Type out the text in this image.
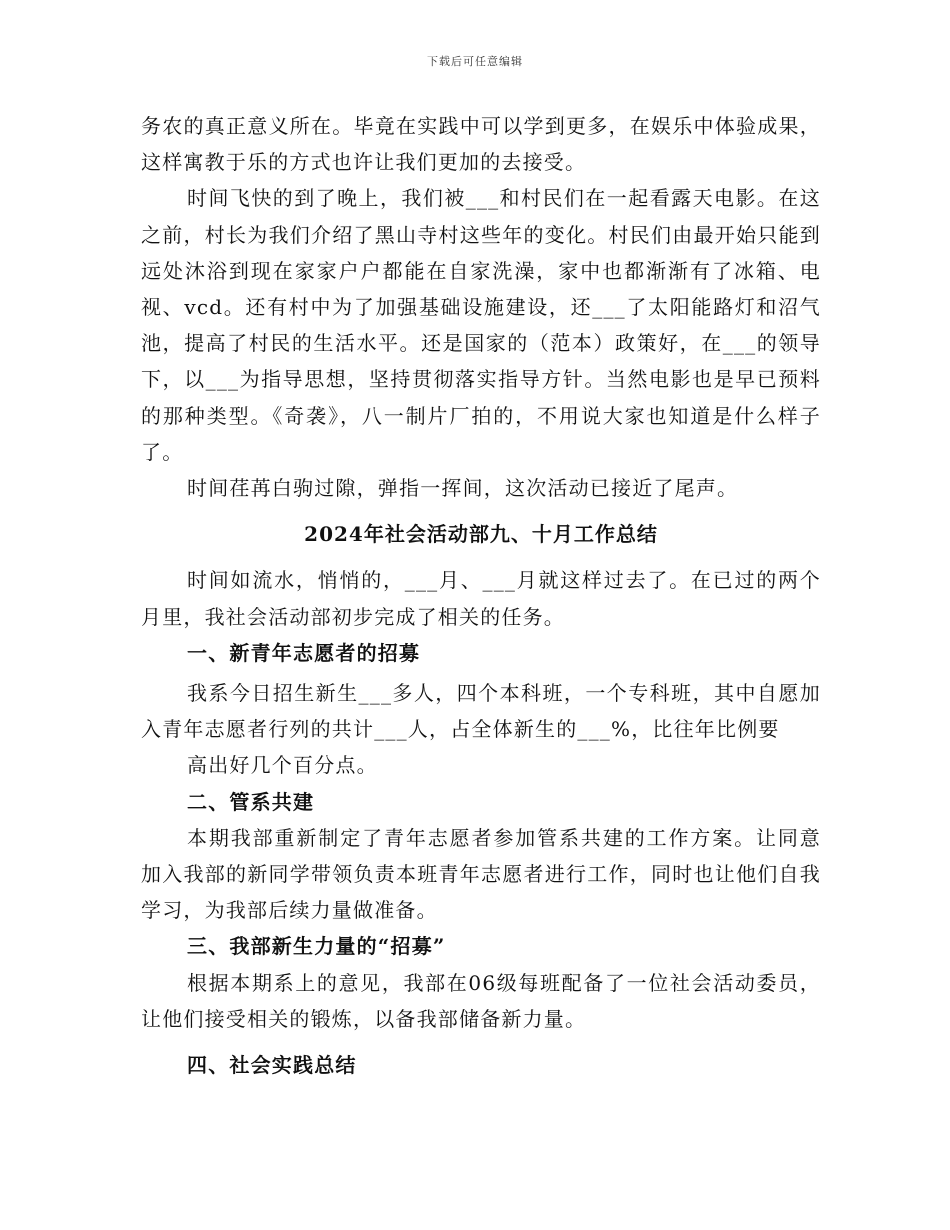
下载后可任意编辑

务农的真正意义所在。毕竟在实践中可以学到更多，在娱乐中体验成果，这样寓教于乐的方式也许让我们更加的去接受。

时间飞快的到了晚上，我们被___和村民们在一起看露天电影。在这之前，村长为我们介绍了黑山寺村这些年的变化。村民们由最开始只能到远处沐浴到现在家家户户都能在自家洗澡，家中也都渐渐有了冰箱、电视、vcd。还有村中为了加强基础设施建设，还___了太阳能路灯和沼气池，提高了村民的生活水平。还是国家的（范本）政策好，在___的领导下，以___为指导思想，坚持贯彻落实指导方针。当然电影也是早已预料的那种类型。《奇袭》，八一制片厂拍的，不用说大家也知道是什么样子了。

时间荏苒白驹过隙，弹指一挥间，这次活动已接近了尾声。

2024年社会活动部九、十月工作总结

时间如流水，悄悄的，___月、___月就这样过去了。在已过的两个月里，我社会活动部初步完成了相关的任务。

一、新青年志愿者的招募

我系今日招生新生___多人，四个本科班，一个专科班，其中自愿加入青年志愿者行列的共计___人，占全体新生的___%，比往年比例要

高出好几个百分点。

二、管系共建

本期我部重新制定了青年志愿者参加管系共建的工作方案。让同意加入我部的新同学带领负责本班青年志愿者进行工作，同时也让他们自我学习，为我部后续力量做准备。

三、我部新生力量的“招募”

根据本期系上的意见，我部在06级每班配备了一位社会活动委员，让他们接受相关的锻炼，以备我部储备新力量。

四、社会实践总结
